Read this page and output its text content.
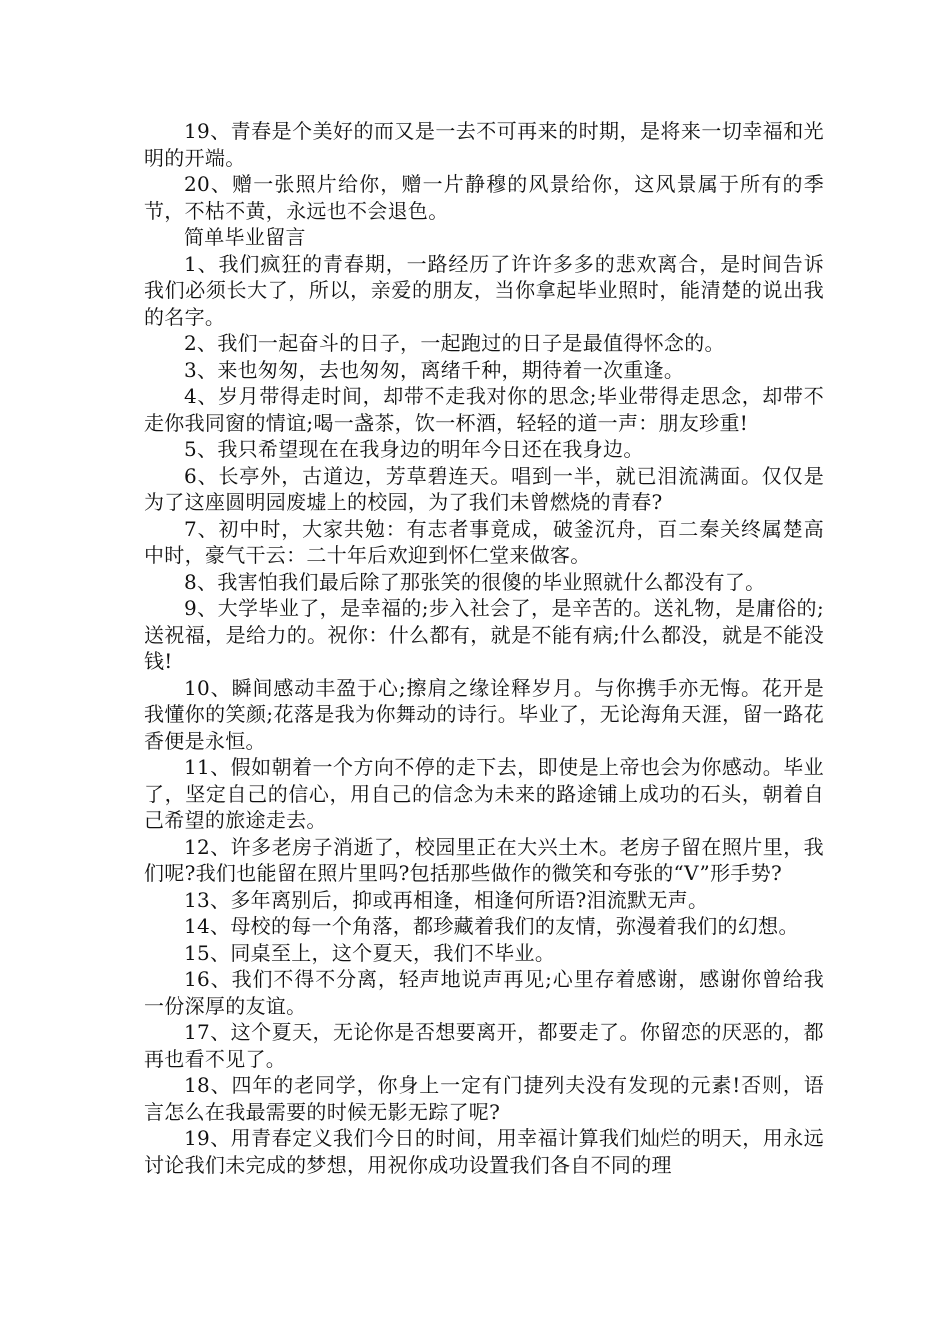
19、青春是个美好的而又是一去不可再来的时期，是将来一切幸福和光明的开端。

20、赠一张照片给你，赠一片静穆的风景给你，这风景属于所有的季节，不枯不黄，永远也不会退色。

简单毕业留言

1、我们疯狂的青春期，一路经历了许许多多的悲欢离合，是时间告诉我们必须长大了，所以，亲爱的朋友，当你拿起毕业照时，能清楚的说出我的名字。

2、我们一起奋斗的日子，一起跑过的日子是最值得怀念的。

3、来也匆匆，去也匆匆，离绪千种，期待着一次重逢。

4、岁月带得走时间，却带不走我对你的思念;毕业带得走思念，却带不走你我同窗的情谊;喝一盏茶，饮一杯酒，轻轻的道一声：朋友珍重!

5、我只希望现在在我身边的明年今日还在我身边。

6、长亭外，古道边，芳草碧连天。唱到一半，就已泪流满面。仅仅是为了这座圆明园废墟上的校园，为了我们未曾燃烧的青春?

7、初中时，大家共勉：有志者事竟成，破釜沉舟，百二秦关终属楚高中时，豪气干云：二十年后欢迎到怀仁堂来做客。

8、我害怕我们最后除了那张笑的很傻的毕业照就什么都没有了。

9、大学毕业了，是幸福的;步入社会了，是辛苦的。送礼物，是庸俗的;送祝福，是给力的。祝你：什么都有，就是不能有病;什么都没，就是不能没钱!

10、瞬间感动丰盈于心;擦肩之缘诠释岁月。与你携手亦无悔。花开是我懂你的笑颜;花落是我为你舞动的诗行。毕业了，无论海角天涯，留一路花香便是永恒。

11、假如朝着一个方向不停的走下去，即使是上帝也会为你感动。毕业了，坚定自己的信心，用自己的信念为未来的路途铺上成功的石头，朝着自己希望的旅途走去。

12、许多老房子消逝了，校园里正在大兴土木。老房子留在照片里，我们呢?我们也能留在照片里吗?包括那些做作的微笑和夸张的“V”形手势?

13、多年离别后，抑或再相逢，相逢何所语?泪流默无声。

14、母校的每一个角落，都珍藏着我们的友情，弥漫着我们的幻想。

15、同桌至上，这个夏天，我们不毕业。

16、我们不得不分离，轻声地说声再见;心里存着感谢，感谢你曾给我一份深厚的友谊。

17、这个夏天，无论你是否想要离开，都要走了。你留恋的厌恶的，都再也看不见了。

18、四年的老同学，你身上一定有门捷列夫没有发现的元素!否则，语言怎么在我最需要的时候无影无踪了呢?

19、用青春定义我们今日的时间，用幸福计算我们灿烂的明天，用永远讨论我们未完成的梦想，用祝你成功设置我们各自不同的理
